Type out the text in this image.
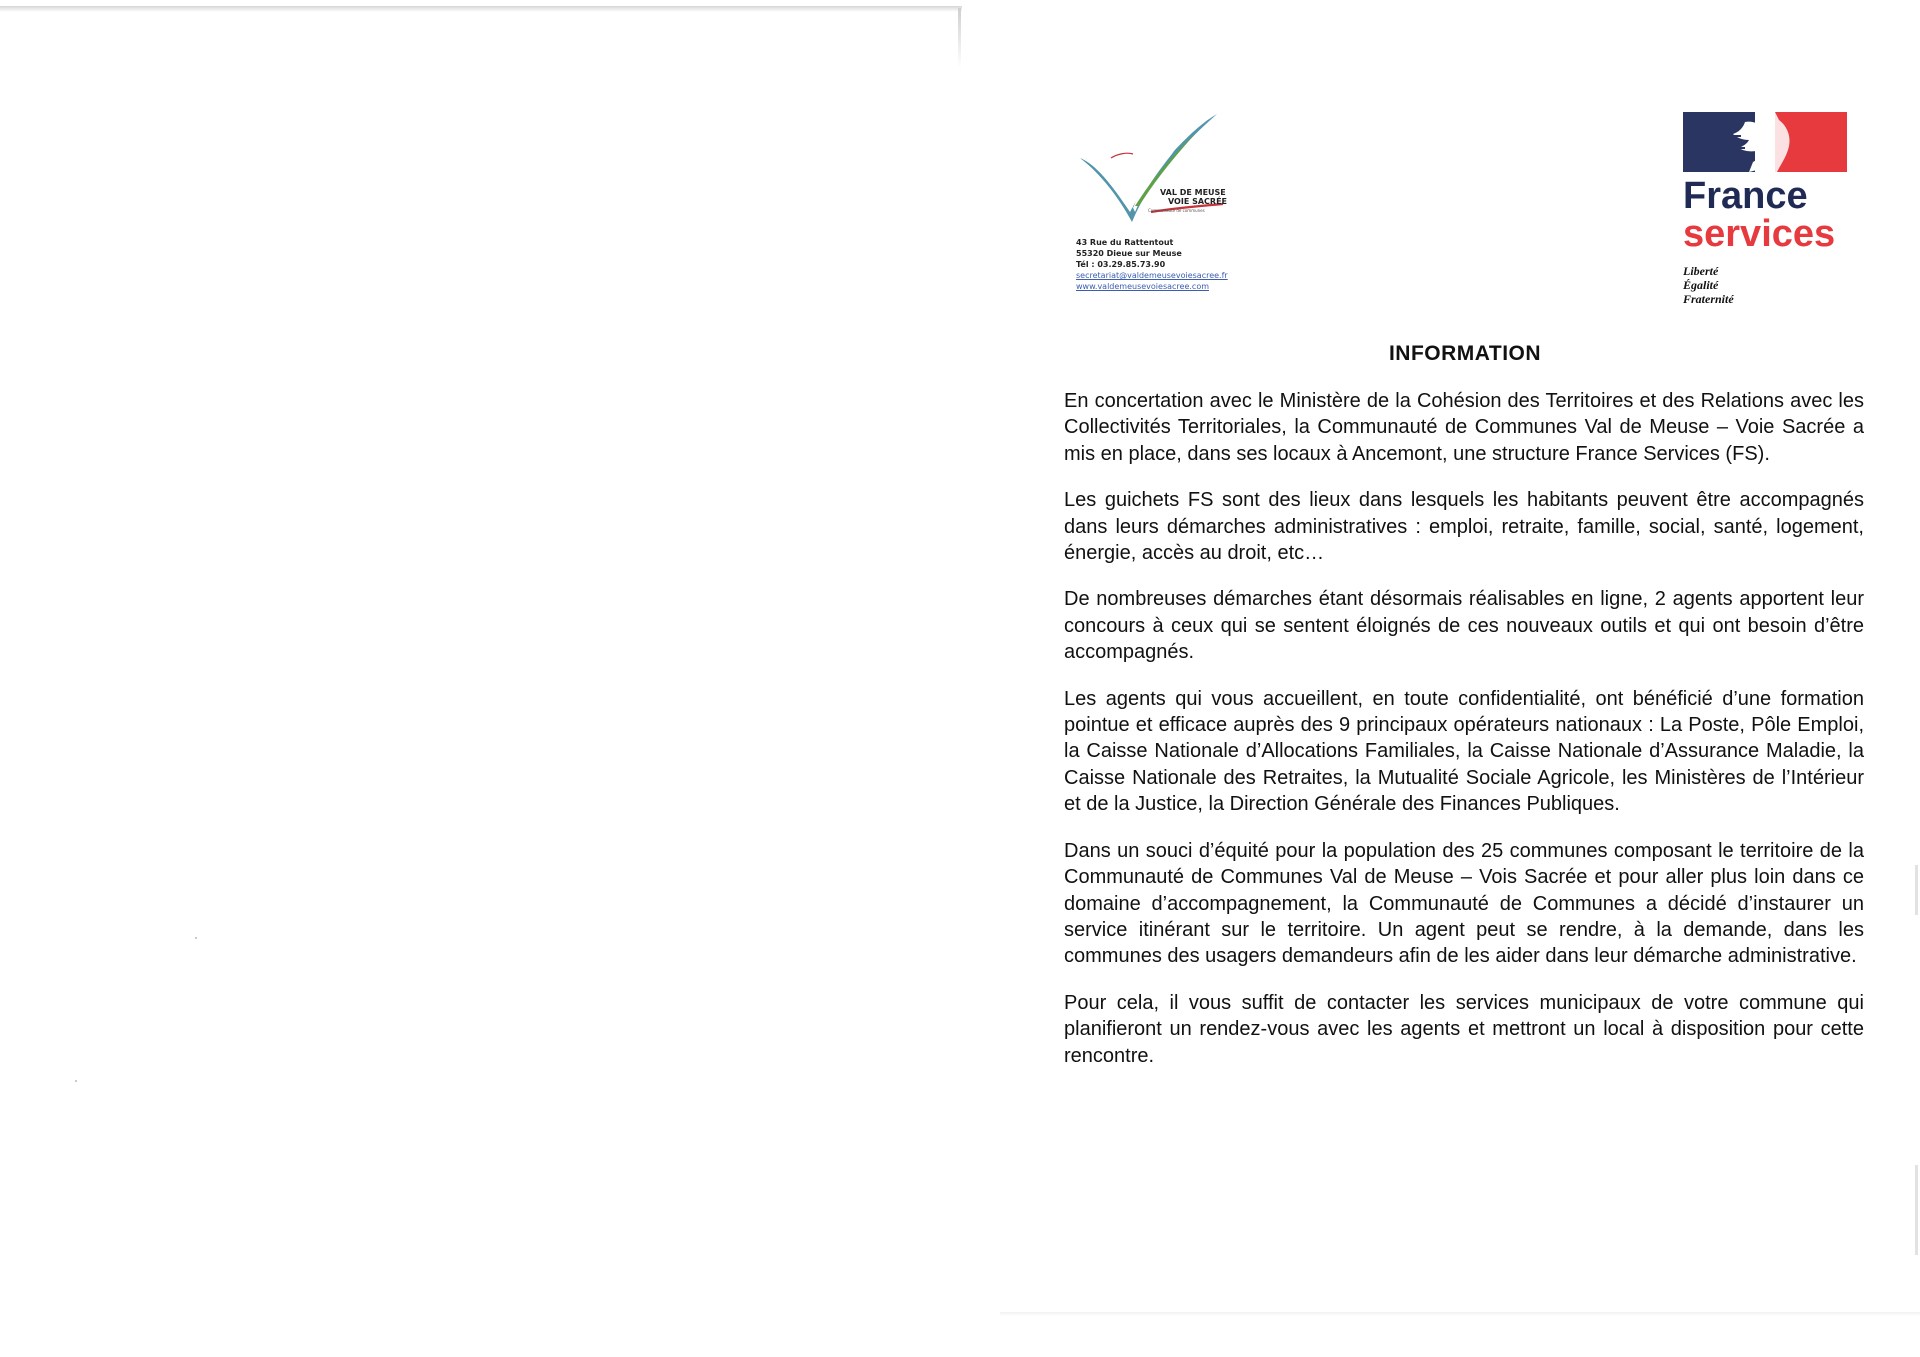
VAL DE MEUSE
VOIE SACRÉE
Communauté de communes
43 Rue du Rattentout
55320 Dieue sur Meuse
Tél : 03.29.85.73.90
secretariat@valdemeusevoiesacree.fr
www.valdemeusevoiesacree.com
France
services
Liberté
Égalité
Fraternité
INFORMATION

En concertation avec le Ministère de la Cohésion des Territoires et des Relations avec les Collectivités Territoriales, la Communauté de Communes Val de Meuse – Voie Sacrée a mis en place, dans ses locaux à Ancemont, une structure France Services (FS).

Les guichets FS sont des lieux dans lesquels les habitants peuvent être accompagnés dans leurs démarches administratives : emploi, retraite, famille, social, santé, logement, énergie, accès au droit, etc…

De nombreuses démarches étant désormais réalisables en ligne, 2 agents apportent leur concours à ceux qui se sentent éloignés de ces nouveaux outils et qui ont besoin d’être accompagnés.

Les agents qui vous accueillent, en toute confidentialité, ont bénéficié d’une formation pointue et efficace auprès des 9 principaux opérateurs nationaux : La Poste, Pôle Emploi, la Caisse Nationale d’Allocations Familiales, la Caisse Nationale d’Assurance Maladie, la Caisse Nationale des Retraites, la Mutualité Sociale Agricole, les Ministères de l’Intérieur et de la Justice, la Direction Générale des Finances Publiques.

Dans un souci d’équité pour la population des 25 communes composant le territoire de la Communauté de Communes Val de Meuse – Vois Sacrée et pour aller plus loin dans ce domaine d’accompagnement, la Communauté de Communes a décidé d’instaurer un service itinérant sur le territoire. Un agent peut se rendre, à la demande, dans les communes des usagers demandeurs afin de les aider dans leur démarche administrative.

Pour cela, il vous suffit de contacter les services municipaux de votre commune qui planifieront un rendez-vous avec les agents et mettront un local à disposition pour cette rencontre.
